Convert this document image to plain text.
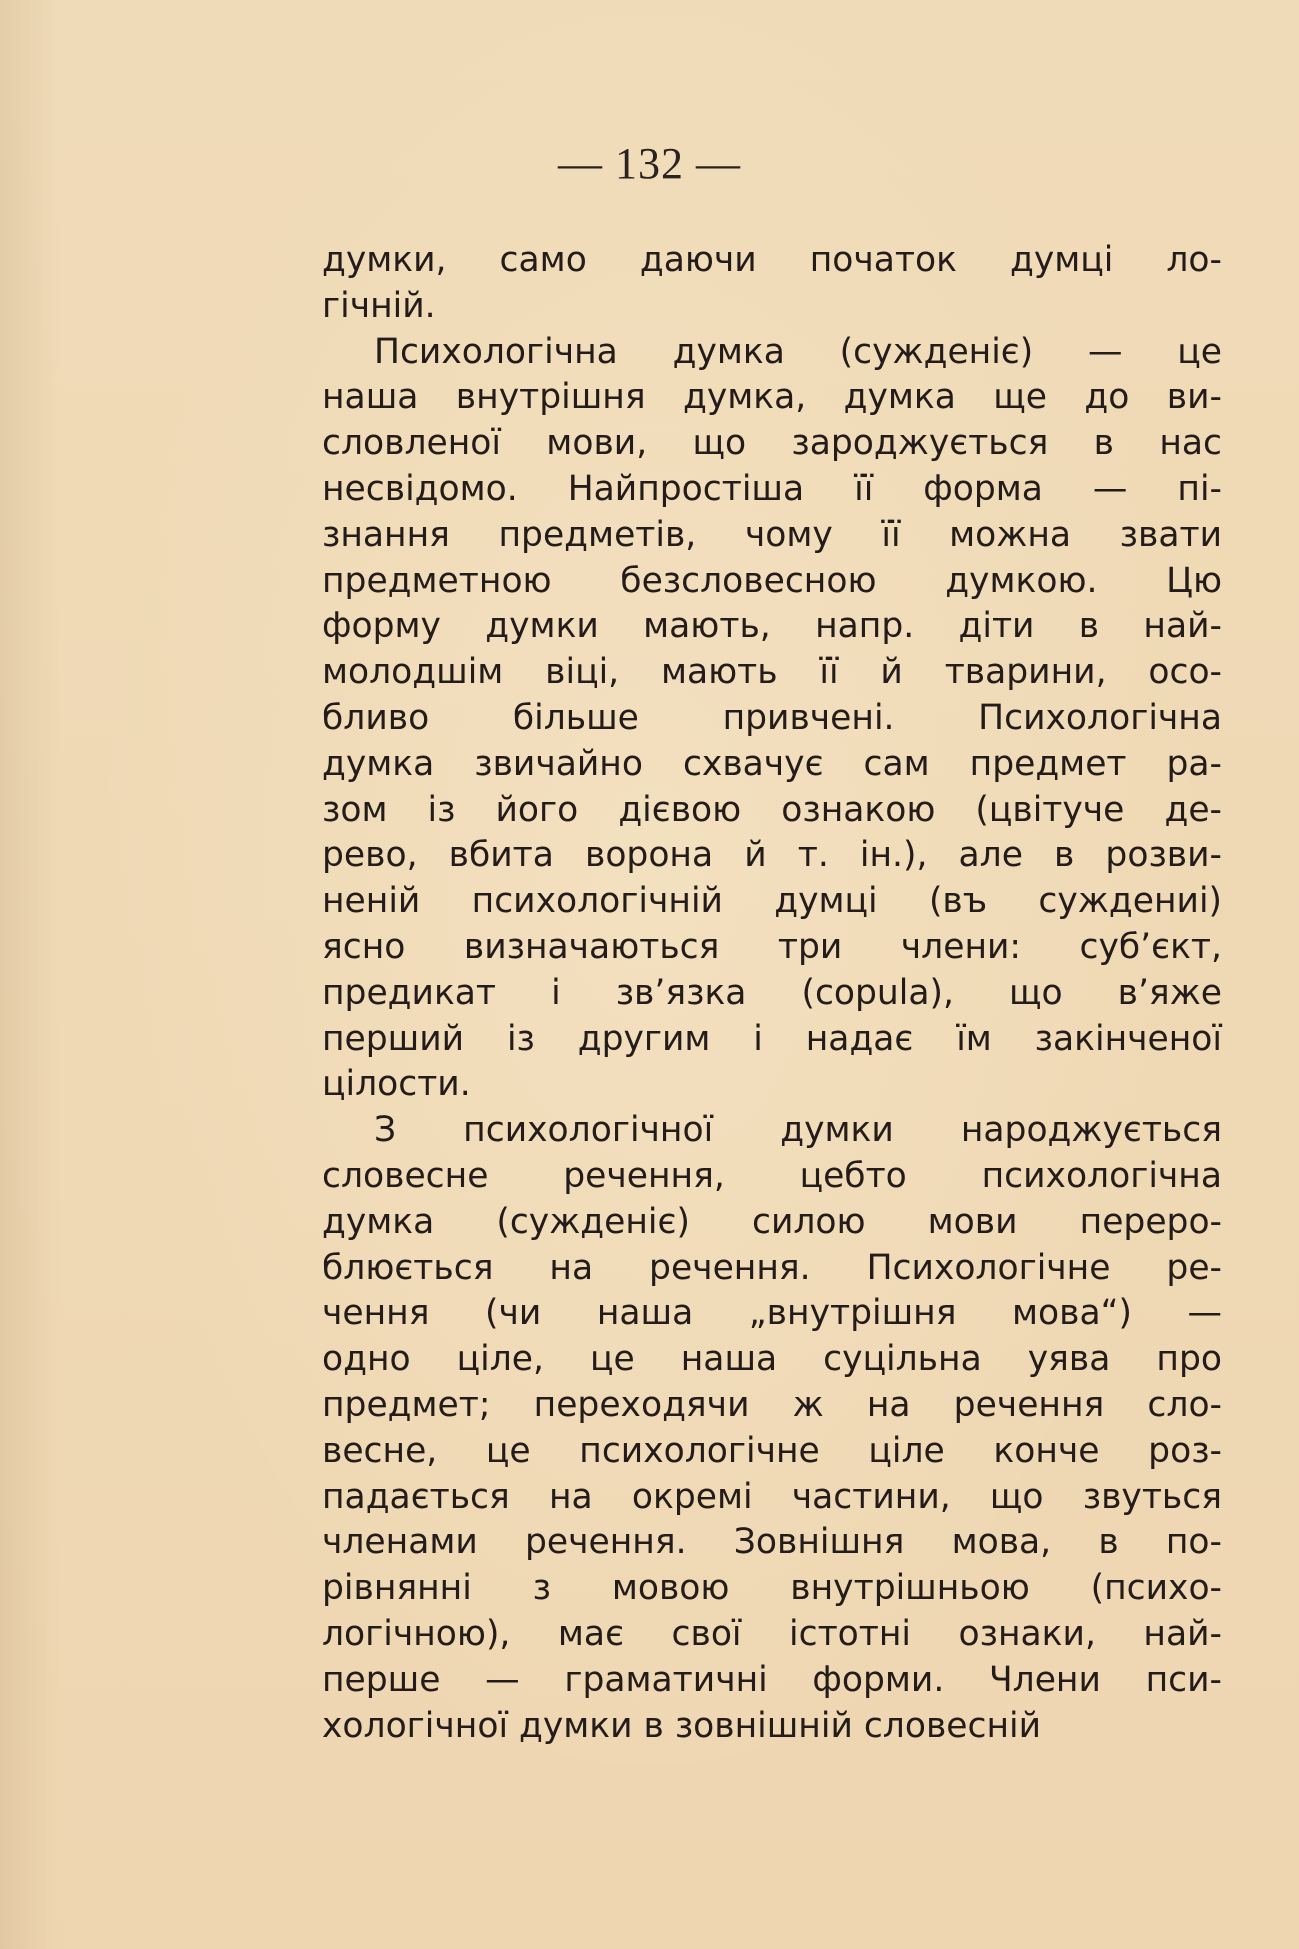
— 132 —

думки, само даючи початок думці ло-
гічній.

Психологічна думка (сужденіє) — це
наша внутрішня думка, думка ще до ви-
словленої мови, що зароджується в нас
несвідомо. Найпростіша її форма — пі-
знання предметів, чому її можна звати
предметною безсловесною думкою. Цю
форму думки мають, напр. діти в най-
молодшім віці, мають її й тварини, осо-
бливо більше привчені. Психологічна
думка звичайно схвачує сам предмет ра-
зом із його дієвою ознакою (цвітуче де-
рево, вбита ворона й т. ін.), але в розви-
неній психологічній думці (въ суждениі)
ясно визначаються три члени: суб’єкт,
предикат і зв’язка (copula), що в’яже
перший із другим і надає їм закінченої
цілости.

З психологічної думки народжується
словесне речення, цебто психологічна
думка (сужденіє) силою мови переро-
блюється на речення. Психологічне ре-
чення (чи наша „внутрішня мова“) —
одно ціле, це наша суцільна уява про
предмет; переходячи ж на речення сло-
весне, це психологічне ціле конче роз-
падається на окремі частини, що звуться
членами речення. Зовнішня мова, в по-
рівнянні з мовою внутрішньою (психо-
логічною), має свої істотні ознаки, най-
перше — граматичні форми. Члени пси-
хологічної думки в зовнішній словесній
